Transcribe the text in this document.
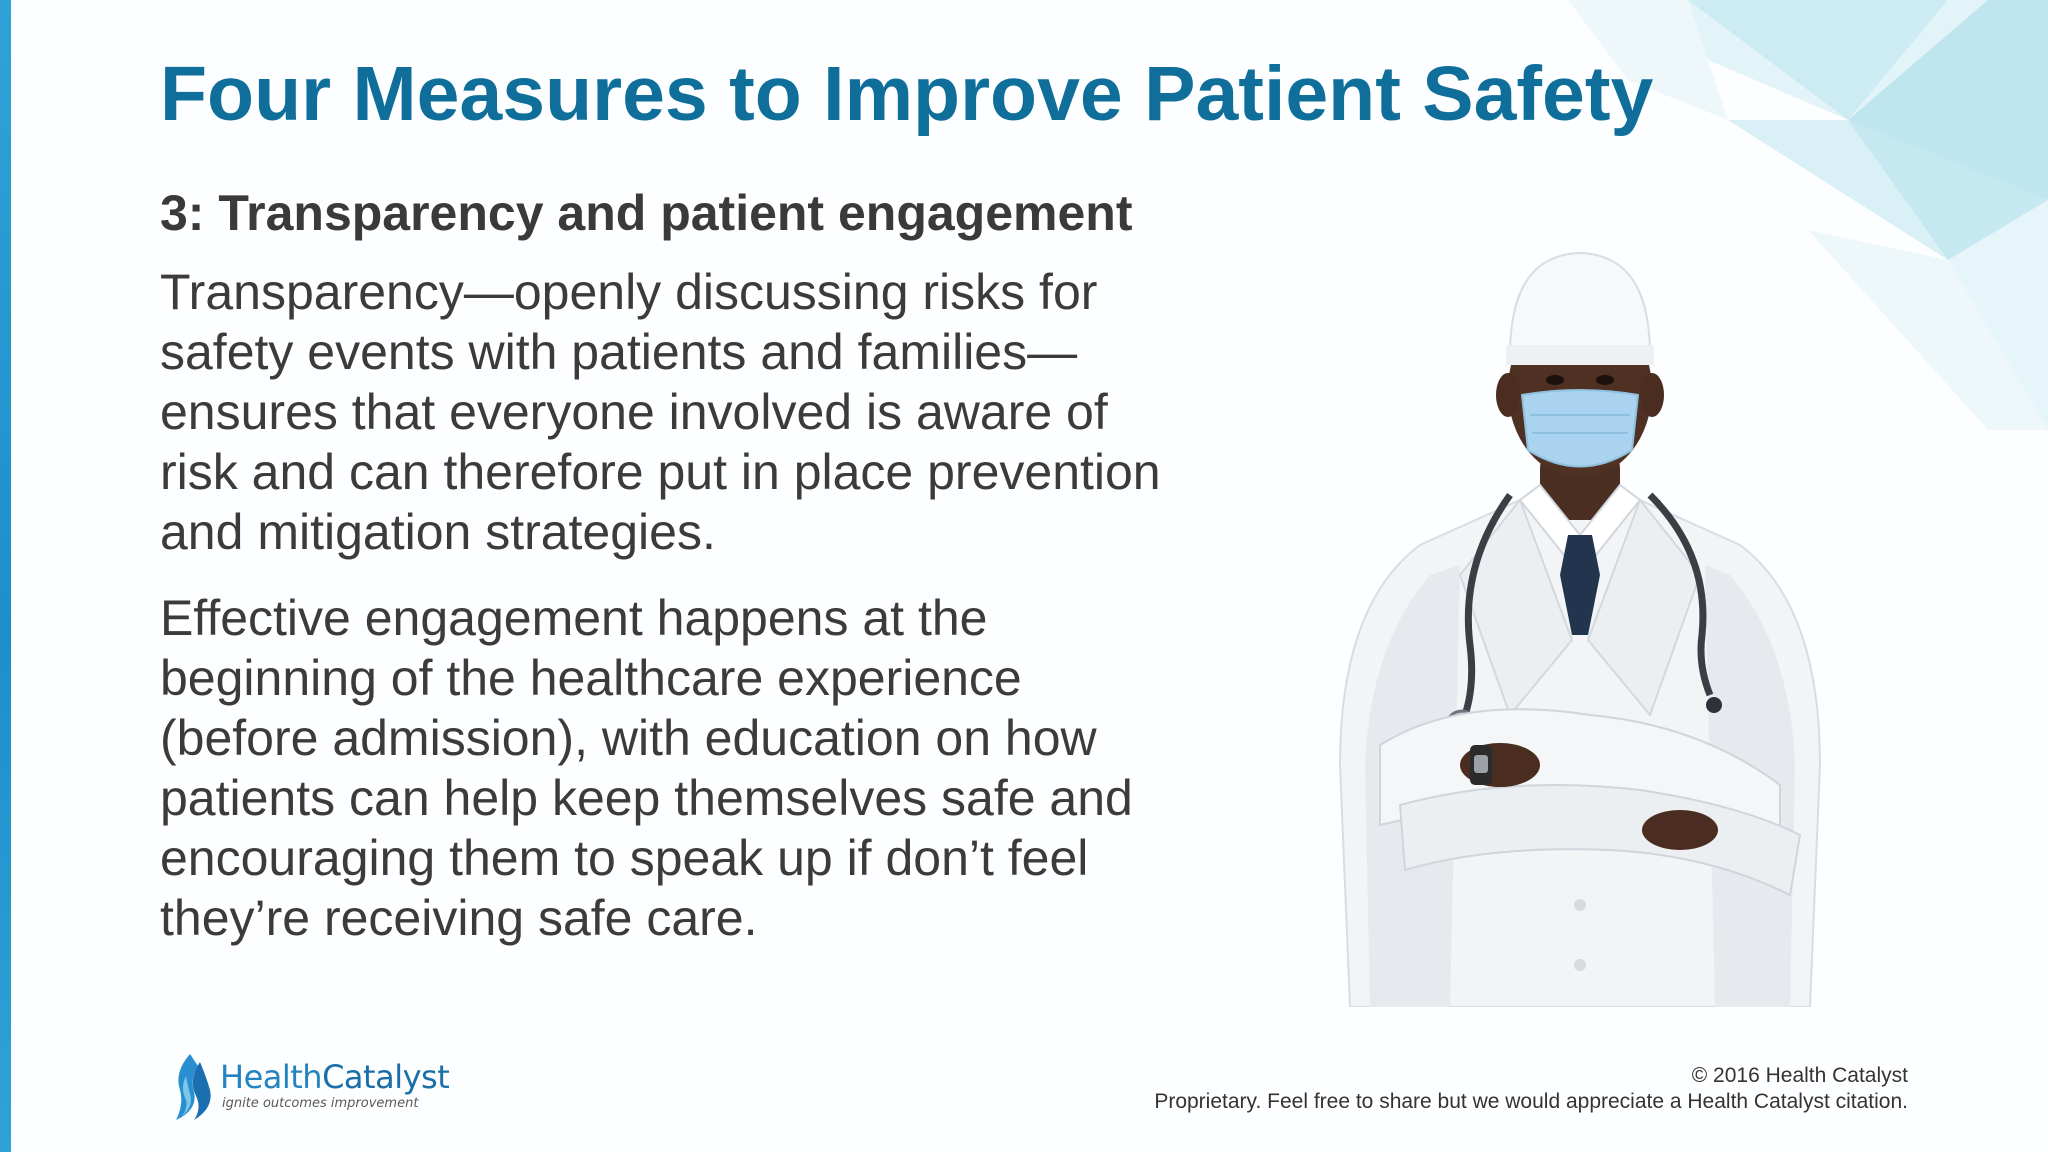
Four Measures to Improve Patient Safety
3: Transparency and patient engagement

Transparency—openly discussing risks for
safety events with patients and families—
ensures that everyone involved is aware of
risk and can therefore put in place prevention
and mitigation strategies.

Effective engagement happens at the
beginning of the healthcare experience
(before admission), with education on how
patients can help keep themselves safe and
encouraging them to speak up if don’t feel
they’re receiving safe care.

HealthCatalyst
ignite outcomes improvement
© 2016 Health Catalyst
Proprietary. Feel free to share but we would appreciate a Health Catalyst citation.
